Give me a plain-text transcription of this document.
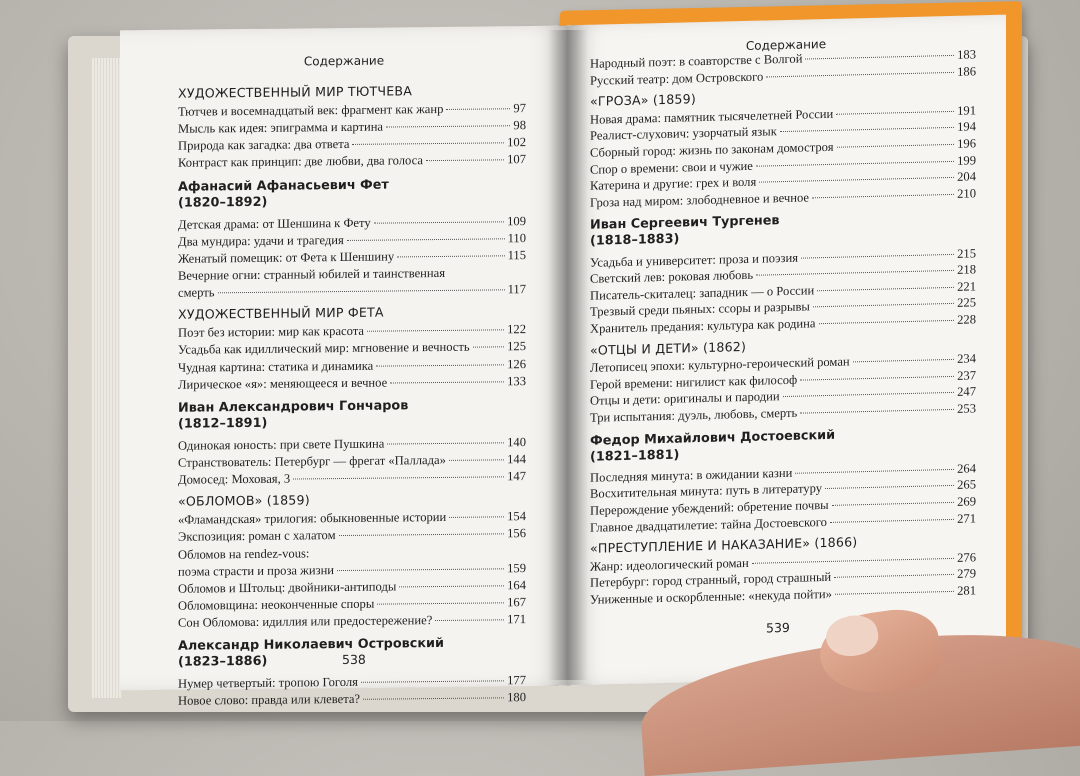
Содержание
538
ХУДОЖЕСТВЕННЫЙ МИР ТЮТЧЕВА
Тютчев и восемнадцатый век: фрагмент как жанр	97
Мысль как идея: эпиграмма и картина	98
Природа как загадка: два ответа	102
Контраст как принцип: две любви, два голоса	107
Афанасий Афанасьевич Фет
(1820–1892)
Детская драма: от Шеншина к Фету	109
Два мундира: удачи и трагедия	110
Женатый помещик: от Фета к Шеншину	115
Вечерние огни: странный юбилей и таинственная
смерть	117
ХУДОЖЕСТВЕННЫЙ МИР ФЕТА
Поэт без истории: мир как красота	122
Усадьба как идиллический мир: мгновение и вечность	125
Чудная картина: статика и динамика	126
Лирическое «я»: меняющееся и вечное	133
Иван Александрович Гончаров
(1812–1891)
Одинокая юность: при свете Пушкина	140
Странствователь: Петербург — фрегат «Паллада»	144
Домосед: Моховая, 3	147
«ОБЛОМОВ» (1859)
«Фламандская» трилогия: обыкновенные истории	154
Экспозиция: роман с халатом	156
Обломов на rendez-vous:
поэма страсти и проза жизни	159
Обломов и Штольц: двойники-антиподы	164
Обломовщина: неоконченные споры	167
Сон Обломова: идиллия или предостережение?	171
Александр Николаевич Островский
(1823–1886)
Нумер четвертый: тропою Гоголя	177
Новое слово: правда или клевета?	180
Содержание
539
Народный поэт: в соавторстве с Волгой	183
Русский театр: дом Островского	186
«ГРОЗА» (1859)
Новая драма: памятник тысячелетней России	191
Реалист-слухович: узорчатый язык	194
Сборный город: жизнь по законам домостроя	196
Спор о времени: свои и чужие	199
Катерина и другие: грех и воля	204
Гроза над миром: злободневное и вечное	210
Иван Сергеевич Тургенев
(1818–1883)
Усадьба и университет: проза и поэзия	215
Светский лев: роковая любовь	218
Писатель-скиталец: западник — о России	221
Трезвый среди пьяных: ссоры и разрывы	225
Хранитель предания: культура как родина	228
«ОТЦЫ И ДЕТИ» (1862)
Летописец эпохи: культурно-героический роман	234
Герой времени: нигилист как философ	237
Отцы и дети: оригиналы и пародии	247
Три испытания: дуэль, любовь, смерть	253
Федор Михайлович Достоевский
(1821–1881)
Последняя минута: в ожидании казни	264
Восхитительная минута: путь в литературу	265
Перерождение убеждений: обретение почвы	269
Главное двадцатилетие: тайна Достоевского	271
«ПРЕСТУПЛЕНИЕ И НАКАЗАНИЕ» (1866)
Жанр: идеологический роман	276
Петербург: город странный, город страшный	279
Униженные и оскорбленные: «некуда пойти»	281
